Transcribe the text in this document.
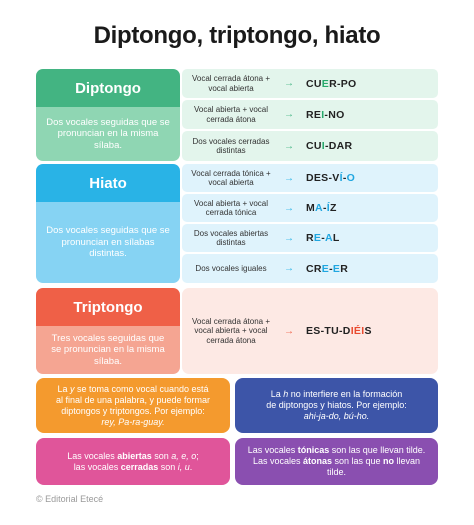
Diptongo, triptongo, hiato
Diptongo
Dos vocales seguidas que se pronuncian en la misma sílaba.
Vocal cerrada átona + vocal abierta	→ CU E R-PO
Vocal abierta + vocal cerrada átona	→ RE I -NO
Dos vocales cerradas distintas	→ CU I -DAR
Hiato
Dos vocales seguidas que se pronuncian en sílabas distintas.
Vocal cerrada tónica + vocal abierta	→ DES-V Í - O
Vocal abierta + vocal cerrada tónica	→ M A - Í Z
Dos vocales abiertas distintas	→ R E - A L
Dos vocales iguales	→ CR E - E R
Triptongo
Tres vocales seguidas que se pronuncian en la misma sílaba.
Vocal cerrada átona + vocal abierta + vocal cerrada átona
→ ES-TU-D IÉI S
La y se toma como vocal cuando está
al final de una palabra, y puede formar
diptongos y triptongos. Por ejemplo:
rey, Pa-ra-guay.
La h no interfiere en la formación
de diptongos y hiatos. Por ejemplo:
ahi-ja-do, bú-ho.
Las vocales abiertas son a, e, o;
las vocales cerradas son i, u.
Las vocales tónicas son las que llevan tilde.
Las vocales átonas son las que no llevan tilde.
© Editorial Etecé
